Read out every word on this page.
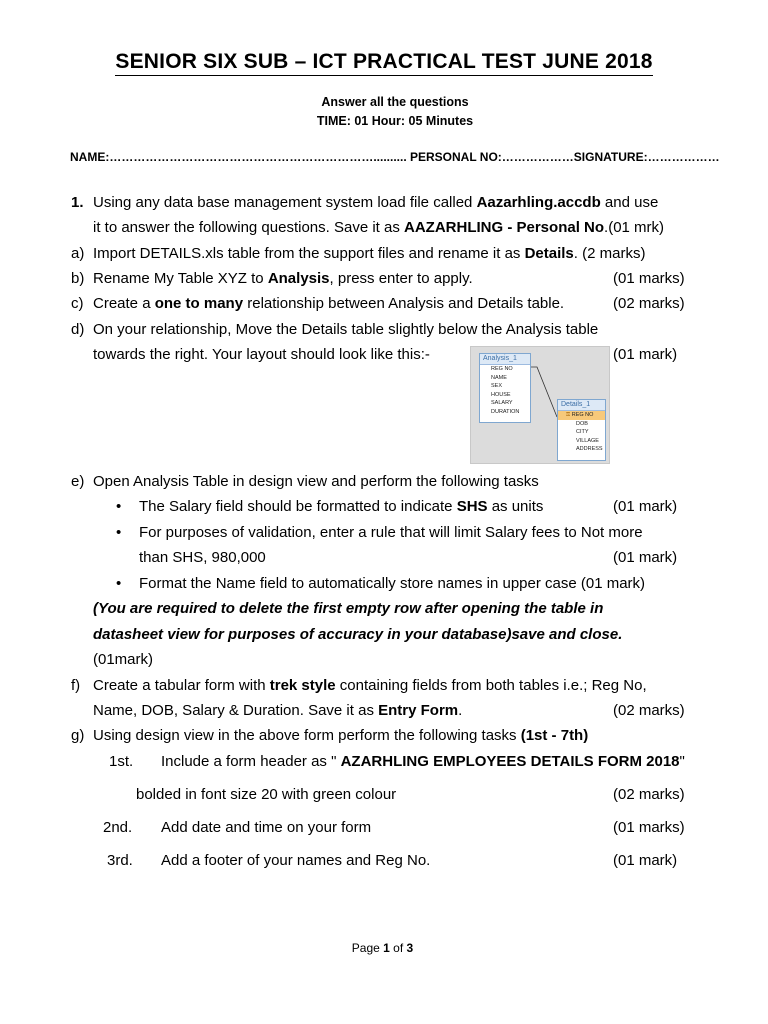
SENIOR SIX SUB – ICT PRACTICAL TEST JUNE 2018
Answer all the questions
TIME: 01 Hour: 05 Minutes
NAME:………………………………………………………….......... PERSONAL NO:………………SIGNATURE:………………
1. Using any data base management system load file called Aazarhling.accdb and use
it to answer the following questions. Save it as AAZARHLING - Personal No.(01 mrk)
a) Import DETAILS.xls table from the support files and rename it as Details. (2 marks)
b) Rename My Table XYZ to Analysis, press enter to apply.	(01 marks)
c) Create a one to many relationship between Analysis and Details table.	(02 marks)
d) On your relationship, Move the Details table slightly below the Analysis table
towards the right. Your layout should look like this:-	(01 mark)
Analysis_1
REG NO
NAME
SEX
HOUSE
SALARY
DURATION
Details_1
⚿ REG NO
DOB
CITY
VILLAGE
ADDRESS
e) Open Analysis Table in design view and perform the following tasks
• The Salary field should be formatted to indicate SHS as units	(01 mark)
• For purposes of validation, enter a rule that will limit Salary fees to Not more
than SHS, 980,000	(01 mark)
• Format the Name field to automatically store names in upper case (01 mark)
(You are required to delete the first empty row after opening the table in
datasheet view for purposes of accuracy in your database)save and close.
(01mark)
f) Create a tabular form with trek style containing fields from both tables i.e.; Reg No,
Name, DOB, Salary & Duration. Save it as Entry Form.	(02 marks)
g) Using design view in the above form perform the following tasks (1st - 7th)
1st. Include a form header as " AZARHLING EMPLOYEES DETAILS FORM 2018"
bolded in font size 20 with green colour	(02 marks)
2nd. Add date and time on your form	(01 marks)
3rd. Add a footer of your names and Reg No.	(01 mark)
Page 1 of 3
